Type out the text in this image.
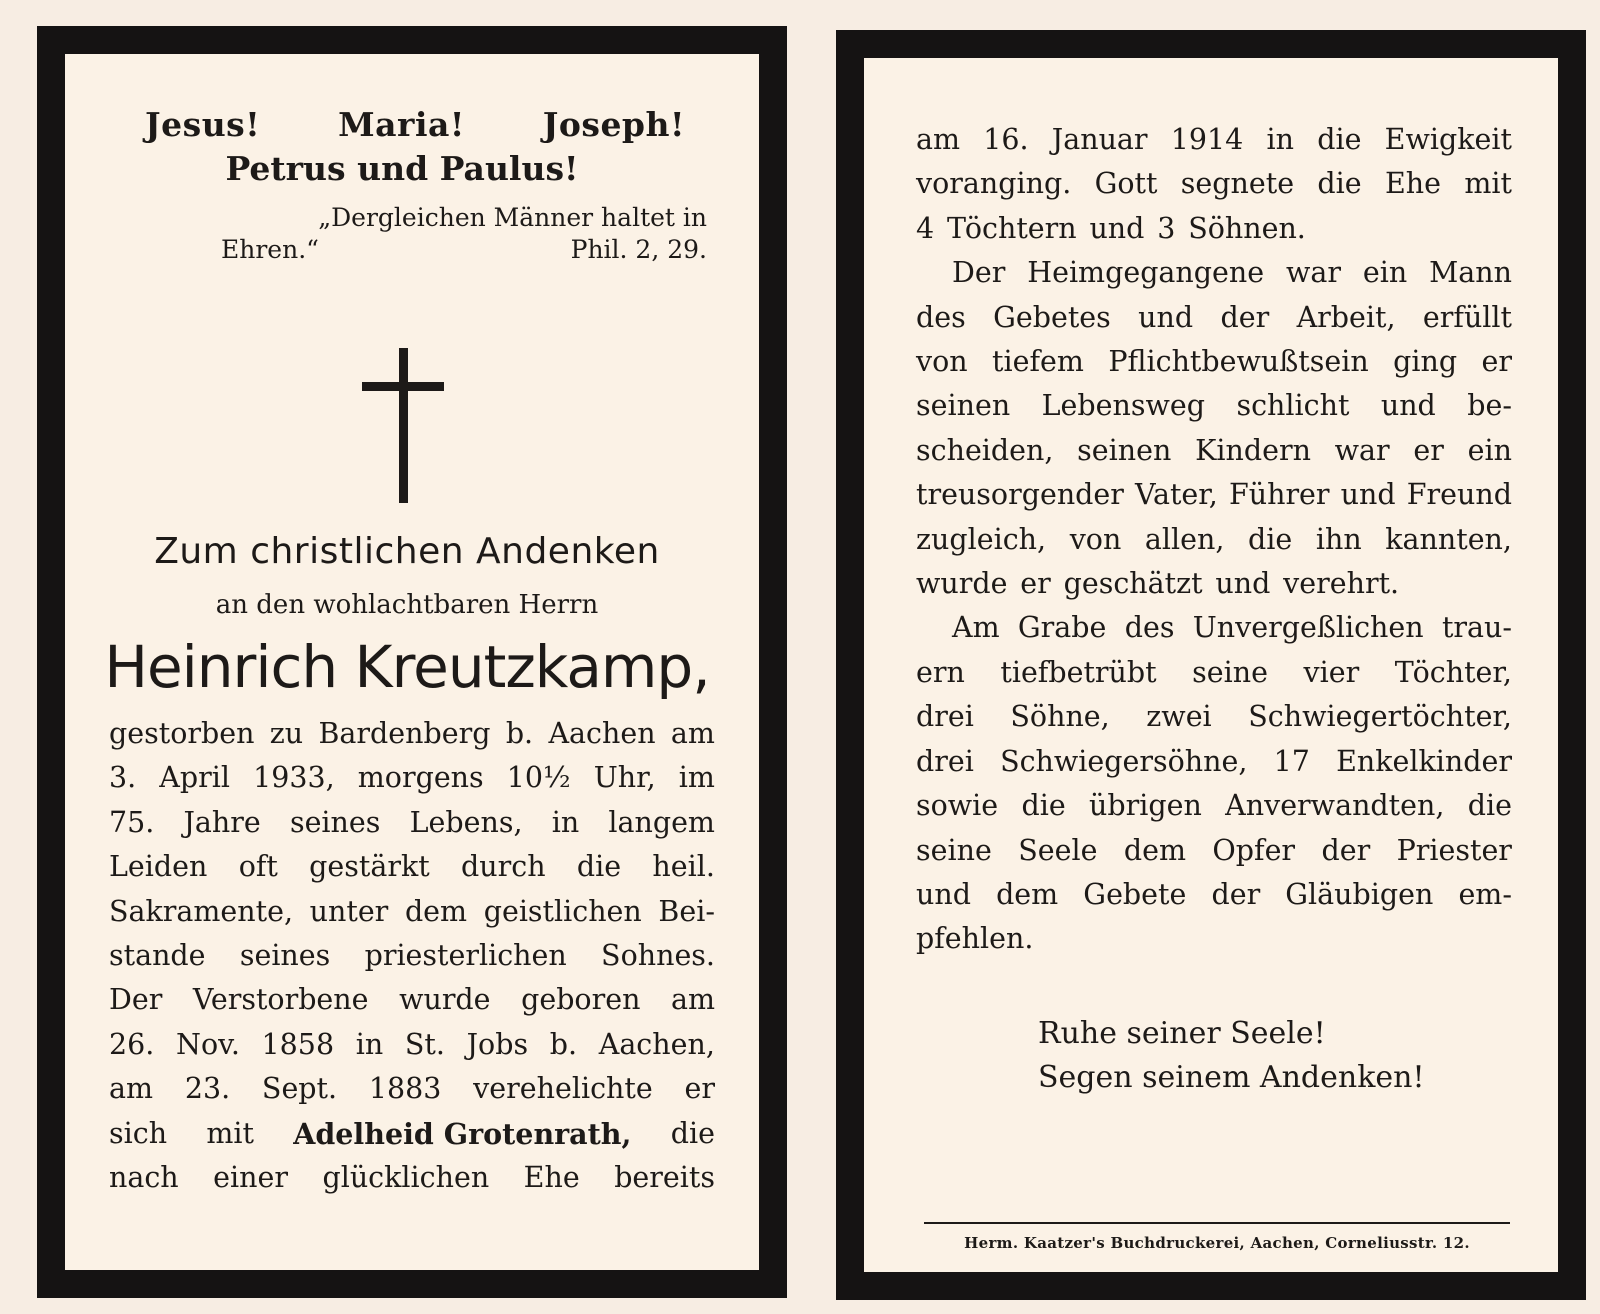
Jesus! Maria! Joseph!
Petrus und Paulus!
„Dergleichen Männer haltet in
Ehren.“	Phil. 2, 29.
Zum christlichen Andenken
an den wohlachtbaren Herrn
Heinrich Kreutzkamp,
gestorben zu Bardenberg b. Aachen am
3. April 1933, morgens 10½ Uhr, im
75. Jahre seines Lebens, in langem
Leiden oft gestärkt durch die heil.
Sakramente, unter dem geistlichen Bei-
stande seines priesterlichen Sohnes.
Der Verstorbene wurde geboren am
26. Nov. 1858 in St. Jobs b. Aachen,
am 23. Sept. 1883 verehelichte er
sich mit Adelheid Grotenrath, die
nach einer glücklichen Ehe bereits
am 16. Januar 1914 in die Ewigkeit
voranging. Gott segnete die Ehe mit
4 Töchtern und 3 Söhnen.
Der Heimgegangene war ein Mann
des Gebetes und der Arbeit, erfüllt
von tiefem Pflichtbewußtsein ging er
seinen Lebensweg schlicht und be-
scheiden, seinen Kindern war er ein
treusorgender Vater, Führer und Freund
zugleich, von allen, die ihn kannten,
wurde er geschätzt und verehrt.
Am Grabe des Unvergeßlichen trau-
ern tiefbetrübt seine vier Töchter,
drei Söhne, zwei Schwiegertöchter,
drei Schwiegersöhne, 17 Enkelkinder
sowie die übrigen Anverwandten, die
seine Seele dem Opfer der Priester
und dem Gebete der Gläubigen em-
pfehlen.
Ruhe seiner Seele!
Segen seinem Andenken!
Herm. Kaatzer's Buchdruckerei, Aachen, Corneliusstr. 12.
